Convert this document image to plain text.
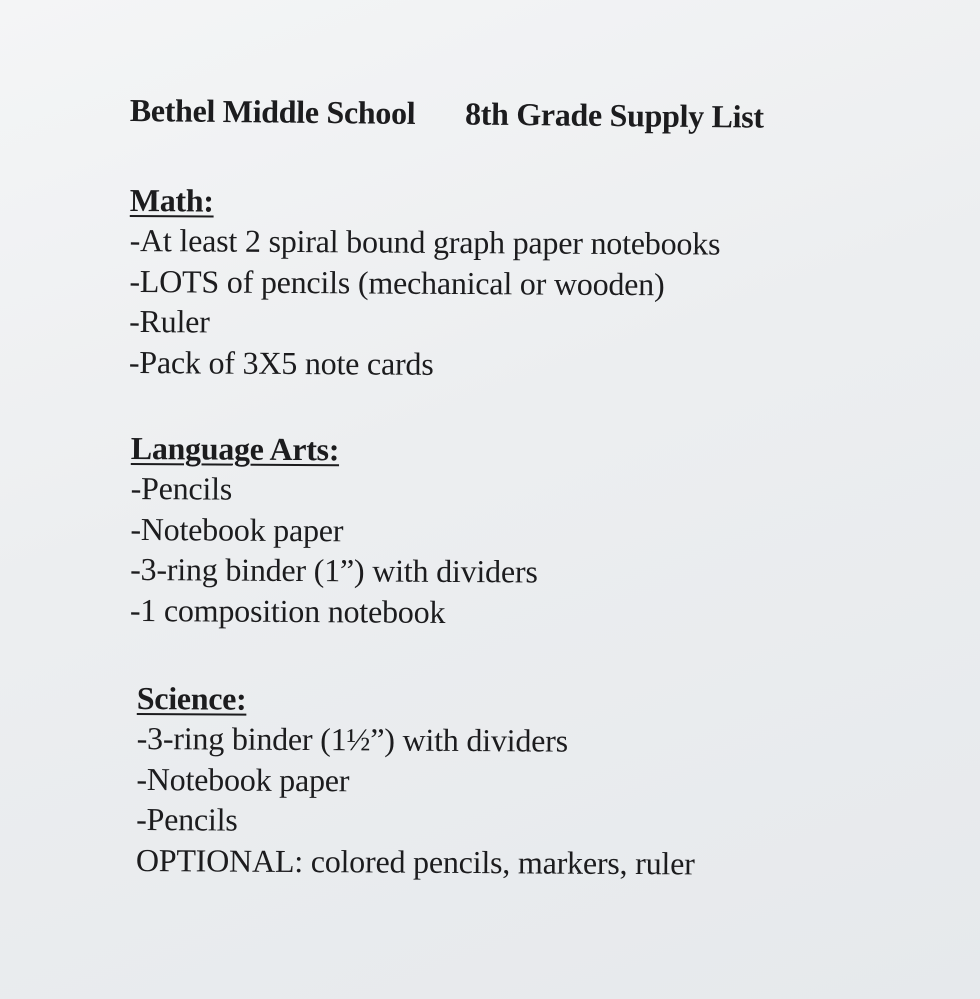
Bethel Middle School 8th Grade Supply List
Math:
-At least 2 spiral bound graph paper notebooks
-LOTS of pencils (mechanical or wooden)
-Ruler
-Pack of 3X5 note cards
Language Arts:
-Pencils
-Notebook paper
-3-ring binder (1”) with dividers
-1 composition notebook
Science:
-3-ring binder (1½”) with dividers
-Notebook paper
-Pencils
OPTIONAL: colored pencils, markers, ruler
